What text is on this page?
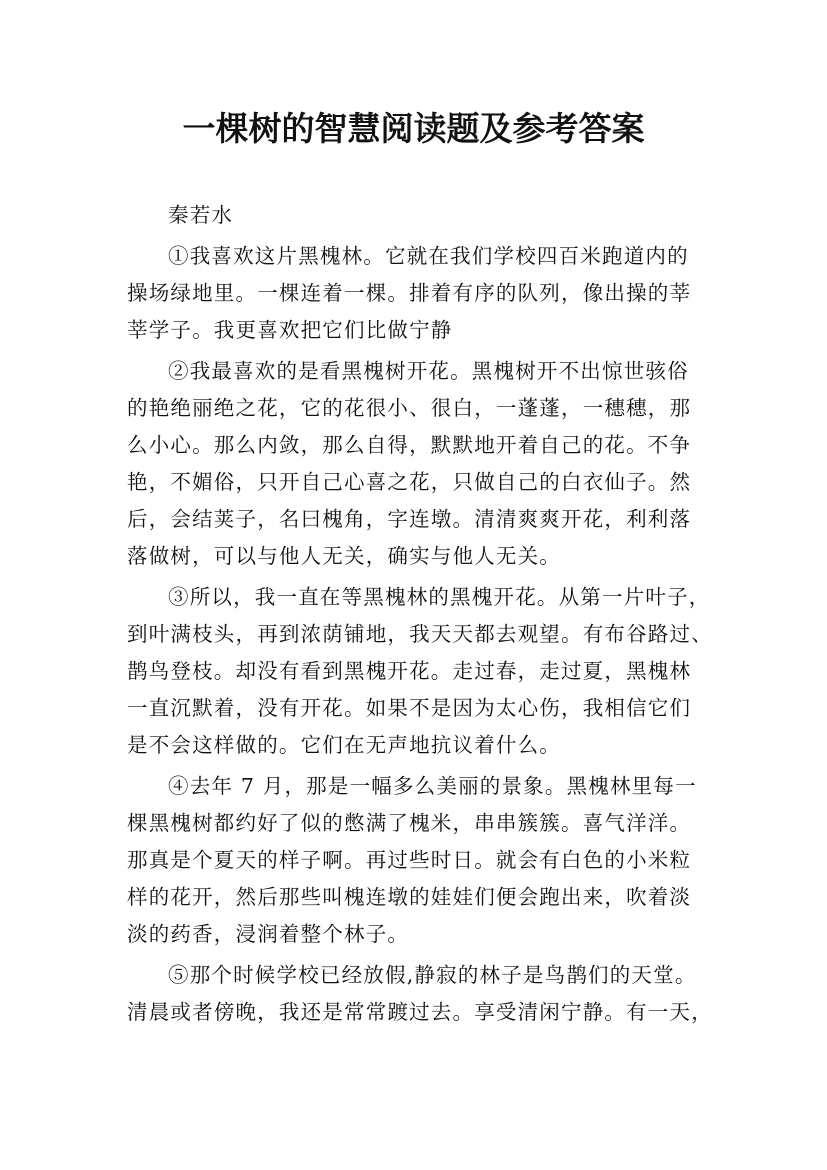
一棵树的智慧阅读题及参考答案
秦若水
①我喜欢这片黑槐林。它就在我们学校四百米跑道内的
操场绿地里。一棵连着一棵。排着有序的队列，像出操的莘
莘学子。我更喜欢把它们比做宁静
②我最喜欢的是看黑槐树开花。黑槐树开不出惊世骇俗
的艳绝丽绝之花，它的花很小、很白，一蓬蓬，一穗穗，那
么小心。那么内敛，那么自得，默默地开着自己的花。不争
艳，不媚俗，只开自己心喜之花，只做自己的白衣仙子。然
后，会结荚子，名曰槐角，字连墩。清清爽爽开花，利利落
落做树，可以与他人无关，确实与他人无关。
③所以，我一直在等黑槐林的黑槐开花。从第一片叶子，
到叶满枝头，再到浓荫铺地，我天天都去观望。有布谷路过、
鹊鸟登枝。却没有看到黑槐开花。走过春，走过夏，黑槐林
一直沉默着，没有开花。如果不是因为太心伤，我相信它们
是不会这样做的。它们在无声地抗议着什么。
④去年 7 月，那是一幅多么美丽的景象。黑槐林里每一
棵黑槐树都约好了似的憋满了槐米，串串簇簇。喜气洋洋。
那真是个夏天的样子啊。再过些时日。就会有白色的小米粒
样的花开，然后那些叫槐连墩的娃娃们便会跑出来，吹着淡
淡的药香，浸润着整个林子。
⑤那个时候学校已经放假,静寂的林子是鸟鹊们的天堂。
清晨或者傍晚，我还是常常踱过去。享受清闲宁静。有一天，
